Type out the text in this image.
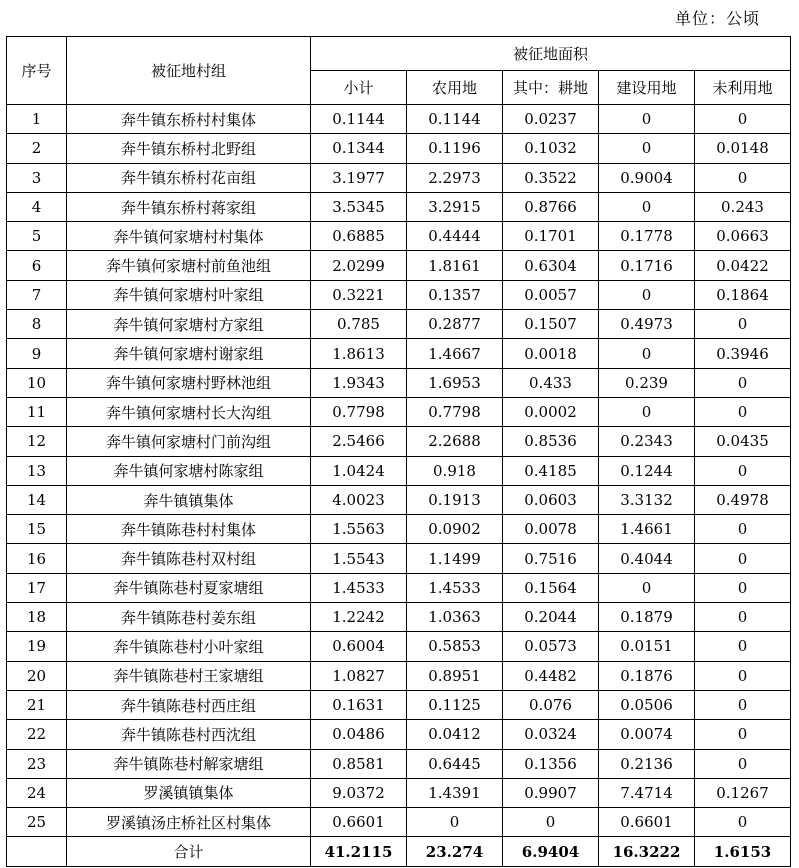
单位：公顷
序号	被征地村组	被征地面积				
		小计	农用地	其中：耕地	建设用地	未利用地
1	奔牛镇东桥村村集体	0.1144	0.1144	0.0237	0	0
2	奔牛镇东桥村北野组	0.1344	0.1196	0.1032	0	0.0148
3	奔牛镇东桥村花亩组	3.1977	2.2973	0.3522	0.9004	0
4	奔牛镇东桥村蒋家组	3.5345	3.2915	0.8766	0	0.243
5	奔牛镇何家塘村村集体	0.6885	0.4444	0.1701	0.1778	0.0663
6	奔牛镇何家塘村前鱼池组	2.0299	1.8161	0.6304	0.1716	0.0422
7	奔牛镇何家塘村叶家组	0.3221	0.1357	0.0057	0	0.1864
8	奔牛镇何家塘村方家组	0.785	0.2877	0.1507	0.4973	0
9	奔牛镇何家塘村谢家组	1.8613	1.4667	0.0018	0	0.3946
10	奔牛镇何家塘村野林池组	1.9343	1.6953	0.433	0.239	0
11	奔牛镇何家塘村长大沟组	0.7798	0.7798	0.0002	0	0
12	奔牛镇何家塘村门前沟组	2.5466	2.2688	0.8536	0.2343	0.0435
13	奔牛镇何家塘村陈家组	1.0424	0.918	0.4185	0.1244	0
14	奔牛镇镇集体	4.0023	0.1913	0.0603	3.3132	0.4978
15	奔牛镇陈巷村村集体	1.5563	0.0902	0.0078	1.4661	0
16	奔牛镇陈巷村双村组	1.5543	1.1499	0.7516	0.4044	0
17	奔牛镇陈巷村夏家塘组	1.4533	1.4533	0.1564	0	0
18	奔牛镇陈巷村姜东组	1.2242	1.0363	0.2044	0.1879	0
19	奔牛镇陈巷村小叶家组	0.6004	0.5853	0.0573	0.0151	0
20	奔牛镇陈巷村王家塘组	1.0827	0.8951	0.4482	0.1876	0
21	奔牛镇陈巷村西庄组	0.1631	0.1125	0.076	0.0506	0
22	奔牛镇陈巷村西沈组	0.0486	0.0412	0.0324	0.0074	0
23	奔牛镇陈巷村解家塘组	0.8581	0.6445	0.1356	0.2136	0
24	罗溪镇镇集体	9.0372	1.4391	0.9907	7.4714	0.1267
25	罗溪镇汤庄桥社区村集体	0.6601	0	0	0.6601	0
	合计	41.2115	23.274	6.9404	16.3222	1.6153
